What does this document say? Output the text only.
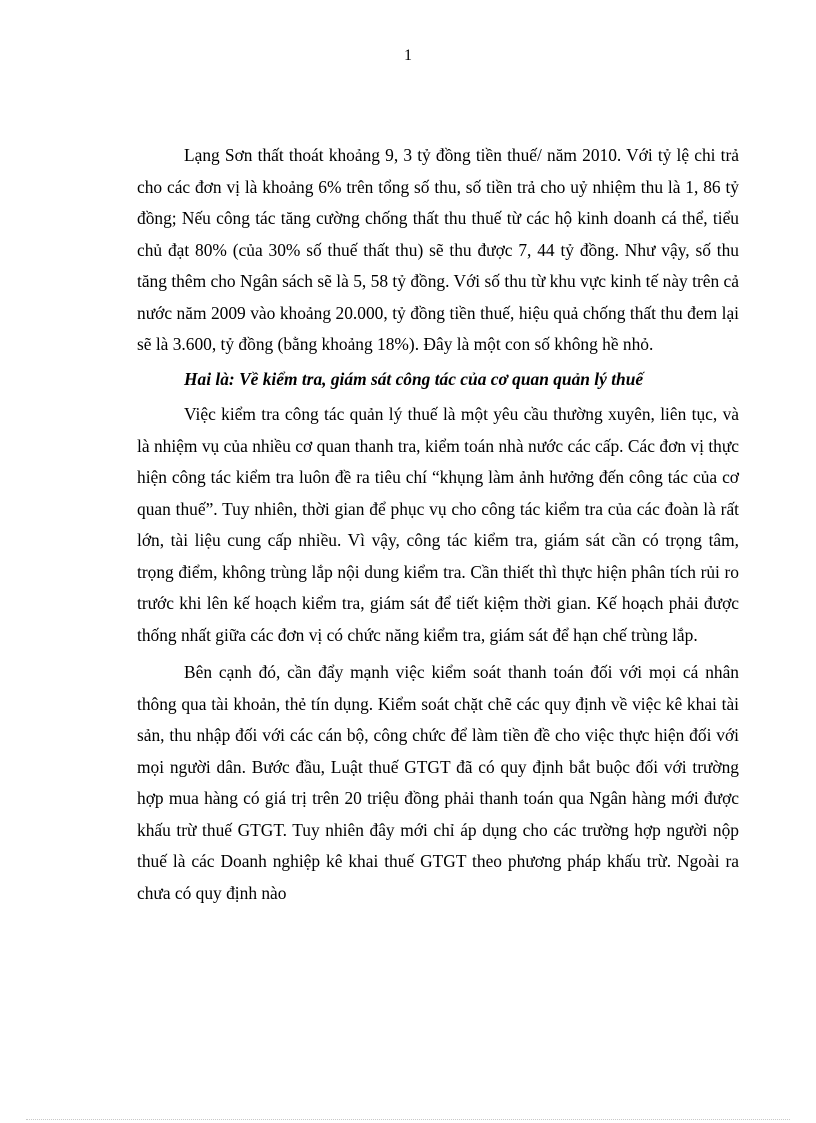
1

Lạng Sơn thất thoát khoảng 9, 3 tỷ đồng tiền thuế/ năm 2010. Với tỷ lệ chi trả cho các đơn vị là khoảng 6% trên tổng số thu, số tiền trả cho uỷ nhiệm thu là 1, 86 tỷ đồng; Nếu công tác tăng cường chống thất thu thuế từ các hộ kinh doanh cá thể, tiểu chủ đạt 80% (của 30% số thuế thất thu) sẽ thu được 7, 44 tỷ đồng. Như vậy, số thu tăng thêm cho Ngân sách sẽ là 5, 58 tỷ đồng. Với số thu từ khu vực kinh tế này trên cả nước năm 2009 vào khoảng 20.000, tỷ đồng tiền thuế, hiệu quả chống thất thu đem lại sẽ là 3.600, tỷ đồng (bằng khoảng 18%). Đây là một con số không hề nhỏ.

Hai là: Về kiểm tra, giám sát công tác của cơ quan quản lý thuế

Việc kiểm tra công tác quản lý thuế là một yêu cầu thường xuyên, liên tục, và là nhiệm vụ của nhiều cơ quan thanh tra, kiểm toán nhà nước các cấp. Các đơn vị thực hiện công tác kiểm tra luôn đề ra tiêu chí “khụng làm ảnh hưởng đến công tác của cơ quan thuế”. Tuy nhiên, thời gian để phục vụ cho công tác kiểm tra của các đoàn là rất lớn, tài liệu cung cấp nhiều. Vì vậy, công tác kiểm tra, giám sát cần có trọng tâm, trọng điểm, không trùng lắp nội dung kiểm tra. Cần thiết thì thực hiện phân tích rủi ro trước khi lên kế hoạch kiểm tra, giám sát để tiết kiệm thời gian. Kế hoạch phải được thống nhất giữa các đơn vị có chức năng kiểm tra, giám sát để hạn chế trùng lắp.

Bên cạnh đó, cần đẩy mạnh việc kiểm soát thanh toán đối với mọi cá nhân thông qua tài khoản, thẻ tín dụng. Kiểm soát chặt chẽ các quy định về việc kê khai tài sản, thu nhập đối với các cán bộ, công chức để làm tiền đề cho việc thực hiện đối với mọi người dân. Bước đầu, Luật thuế GTGT đã có quy định bắt buộc đối với trường hợp mua hàng có giá trị trên 20 triệu đồng phải thanh toán qua Ngân hàng mới được khấu trừ thuế GTGT. Tuy nhiên đây mới chỉ áp dụng cho các trường hợp người nộp thuế là các Doanh nghiệp kê khai thuế GTGT theo phương pháp khấu trừ. Ngoài ra chưa có quy định nào
